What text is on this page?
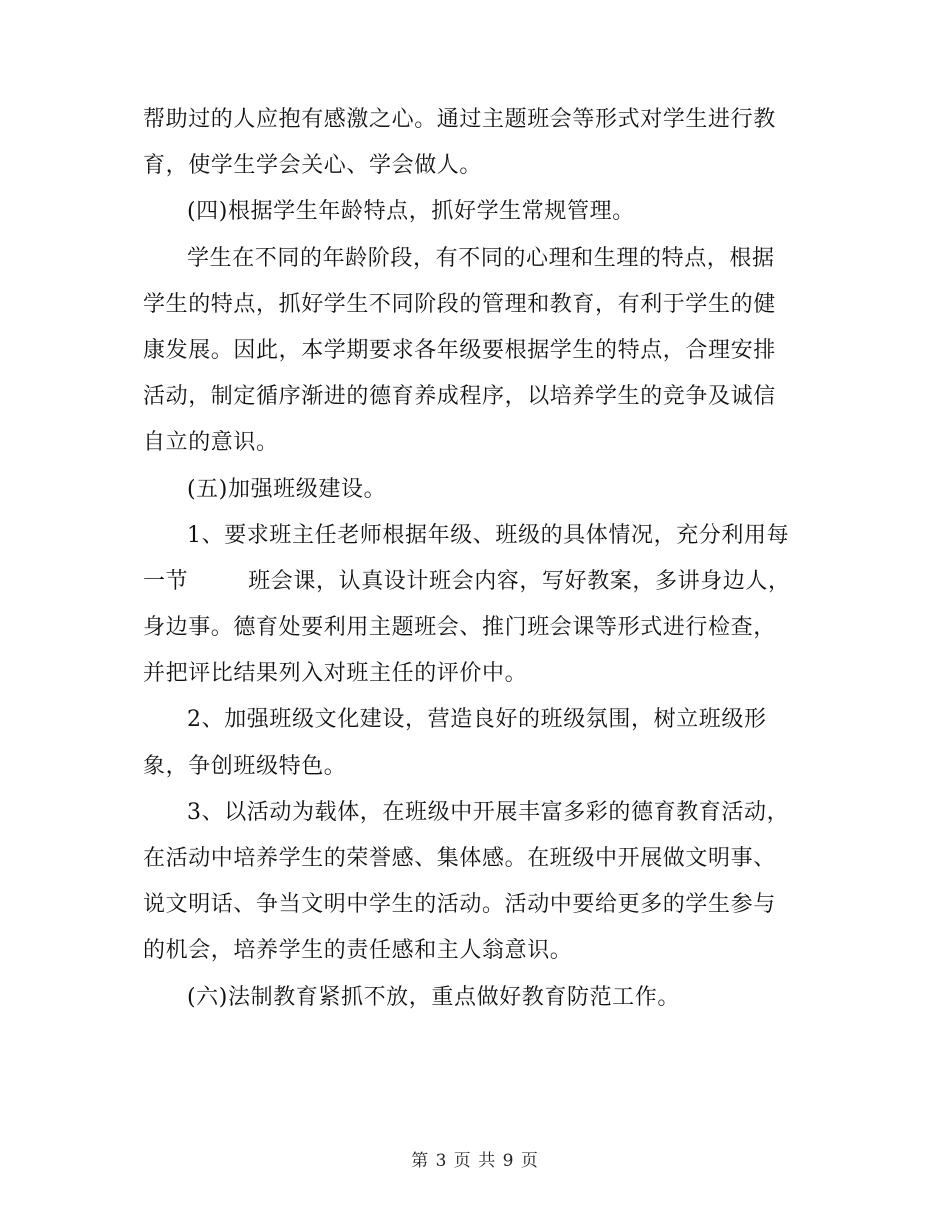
帮助过的人应抱有感激之心。通过主题班会等形式对学生进行教
育，使学生学会关心、学会做人。
(四)根据学生年龄特点，抓好学生常规管理。
学生在不同的年龄阶段，有不同的心理和生理的特点，根据
学生的特点，抓好学生不同阶段的管理和教育，有利于学生的健
康发展。因此，本学期要求各年级要根据学生的特点，合理安排
活动，制定循序渐进的德育养成程序，以培养学生的竞争及诚信
自立的意识。
(五)加强班级建设。
1、要求班主任老师根据年级、班级的具体情况，充分利用每
一节	班会课，认真设计班会内容，写好教案，多讲身边人，
身边事。德育处要利用主题班会、推门班会课等形式进行检查，
并把评比结果列入对班主任的评价中。
2、加强班级文化建设，营造良好的班级氛围，树立班级形
象，争创班级特色。
3、以活动为载体，在班级中开展丰富多彩的德育教育活动，
在活动中培养学生的荣誉感、集体感。在班级中开展做文明事、
说文明话、争当文明中学生的活动。活动中要给更多的学生参与
的机会，培养学生的责任感和主人翁意识。
(六)法制教育紧抓不放，重点做好教育防范工作。
第 3 页 共 9 页
